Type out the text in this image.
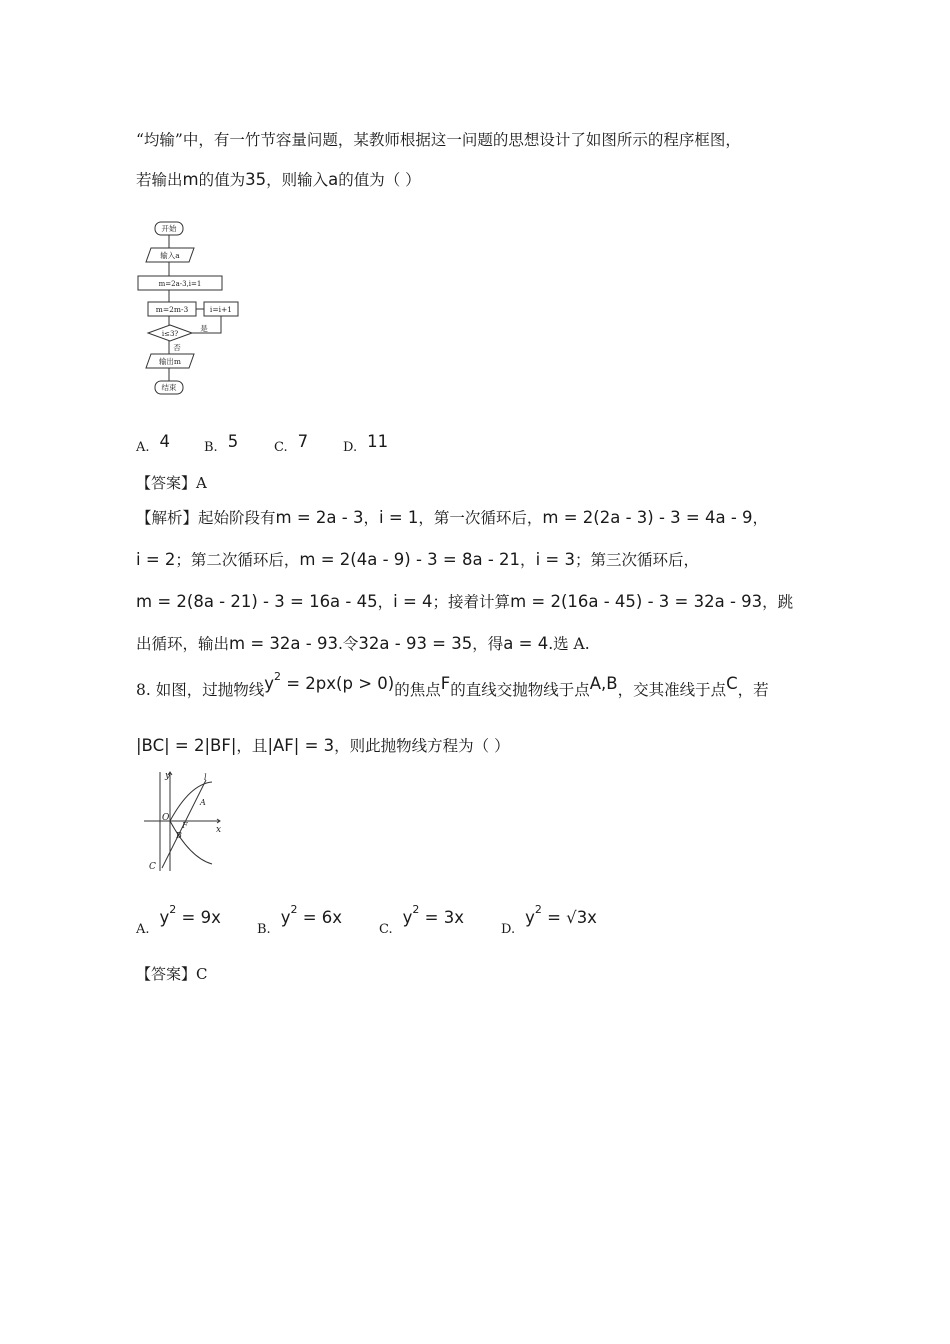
“均输”中，有一竹节容量问题，某教师根据这一问题的思想设计了如图所示的程序框图，
若输出m的值为35，则输入a的值为（ ）
开始
输入a
m=2a-3,i=1
m=2m-3	i=i+1
i≤3?
是
否
输出m
结束
A. 4	B. 5	C. 7	D. 11
【答案】A
【解析】起始阶段有m = 2a - 3，i = 1，第一次循环后，m = 2(2a - 3) - 3 = 4a - 9，
i = 2；第二次循环后，m = 2(4a - 9) - 3 = 8a - 21，i = 3；第三次循环后，
m = 2(8a - 21) - 3 = 16a - 45，i = 4；接着计算m = 2(16a - 45) - 3 = 32a - 93，跳
出循环，输出m = 32a - 93.令32a - 93 = 35，得a = 4.选 A.
8. 如图，过抛物线$y^2 = 2px(p > 0)$的焦点F的直线交抛物线于点A,B，交其准线于点C，若
|BC| = 2|BF|，且|AF| = 3，则此抛物线方程为（ ）
y
x
O
A
B
C
F
l
$A.y^2 = 9x$
$B.y^2 = 6x$
$C.y^2 = 3x$
$D.y^2 = √3x$
【答案】C
